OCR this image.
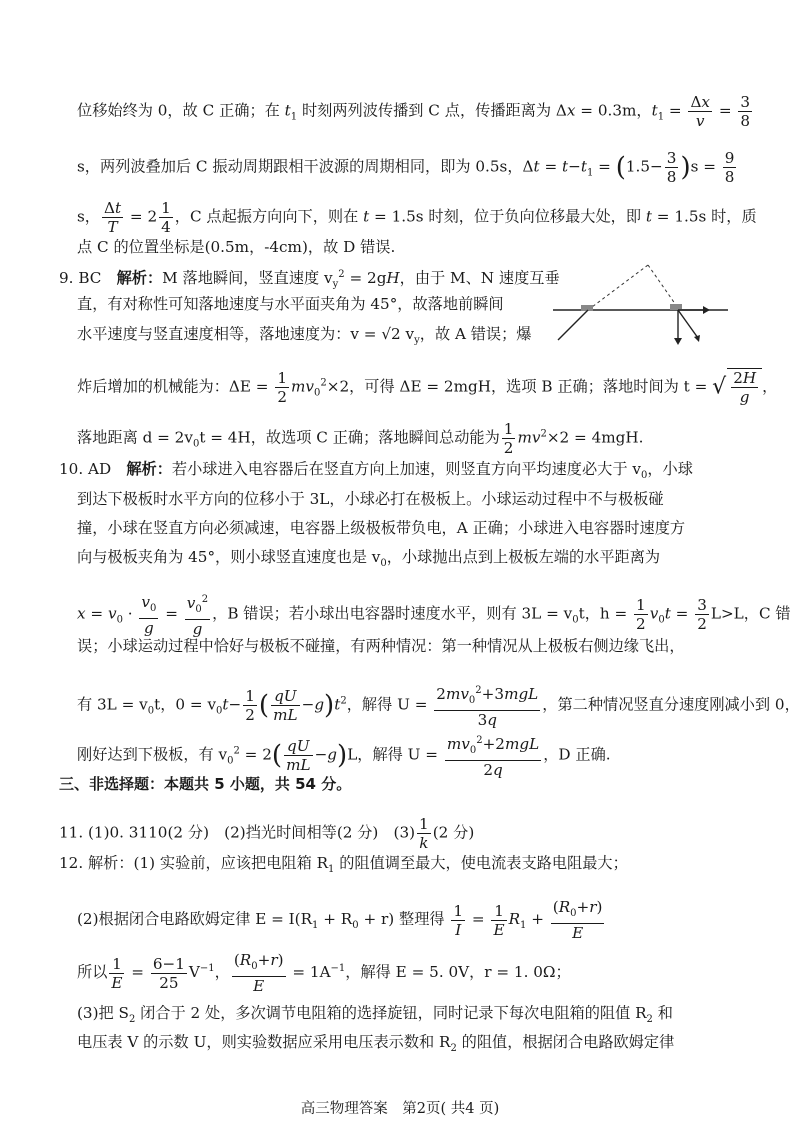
位移始终为 0，故 C 正确；在 $t_1$ 时刻两列波传播到 C 点，传播距离为 Δx = 0.3m，$t_1 = \frac{\Delta x}{v} = \frac{3}{8}$
s，两列波叠加后 C 振动周期跟相干波源的周期相同，即为 0.5s，$\Delta t = t-t_1 = (1.5- \frac{3}{8} )s = \frac{9}{8}$
s， $\frac{\Delta t}{T} = 2 \frac{1}{4}$ ，C 点起振方向向下，则在 t = 1.5s 时刻，位于负向位移最大处，即 t = 1.5s 时，质
点 C 的位置坐标是(0.5m，-4cm)，故 D 错误.
9. BC　 解析：M 落地瞬间，竖直速度 $v_y^2 = 2gH$，由于 M、N 速度互垂
直，有对称性可知落地速度与水平面夹角为 45°，故落地前瞬间
水平速度与竖直速度相等，落地速度为：v = √2 $v_y$，故 A 错误；爆
炸后增加的机械能为：$\Delta E = \frac{1}{2} mv_0^2\times 2$，可得 ΔE = 2mgH，选项 B 正确；落地时间为 t = √ $\frac{2H}{g}$ ，
落地距离 $d = 2v_0t = 4H$，故选项 C 正确；落地瞬间总动能为 $\frac{1}{2} mv^2\times 2 = 4mgH$.
10. AD　 解析：若小球进入电容器后在竖直方向上加速，则竖直方向平均速度必大于 $v_0$，小球
到达下极板时水平方向的位移小于 3L，小球必打在极板上。小球运动过程中不与极板碰
撞，小球在竖直方向必须减速，电容器上级极板带负电，A 正确；小球进入电容器时速度方
向与极板夹角为 45°，则小球竖直速度也是 $v_0$，小球抛出点到上极板左端的水平距离为
$x = v_0 \cdot \frac{v_0}{g} = \frac{v_0^2}{g}$ ，B 错误；若小球出电容器时速度水平，则有 $3L = v_0t$，$h = \frac{1}{2} v_0t = \frac{3}{2} L>L$，C 错
误；小球运动过程中恰好与极板不碰撞，有两种情况：第一种情况从上极板右侧边缘飞出，
有 $3L = v_0t$，$0 = v_0t- \frac{1}{2}$ ( $\frac{qU}{mL} -g)t^2$，解得 $U = \frac{2mv_0^2+3mgL}{3q}$ ，第二种情况竖直分速度刚减小到 0，
刚好达到下极板，有 $v_0^2 = 2( \frac{qU}{mL} -g)L$，解得 $U = \frac{mv_0^2+2mgL}{2q}$ ，D 正确.
三、非选择题：本题共 5 小题，共 54 分。
11. (1)0. 3110(2 分)　(2)挡光时间相等(2 分)　$(3) \frac{1}{k} (2$ 分)
12. 解析：(1) 实验前，应该把电阻箱 $R_1$ 的阻值调至最大，使电流表支路电阻最大；
(2)根据闭合电路欧姆定律 $E = I(R_1 + R_0 + r)$ 整理得 $\frac{1}{I} = \frac{1}{E} R_1 + \frac{(R_0+r)}{E}$
所以 $\frac{1}{E} = \frac{6-1}{25} V^{-1}$， $\frac{(R_0+r)}{E} = 1A^{-1}$，解得 E = 5. 0V，r = 1. 0Ω；
(3)把 $S_2$ 闭合于 2 处，多次调节电阻箱的选择旋钮，同时记录下每次电阻箱的阻值 $R_2$ 和
电压表 V 的示数 U，则实验数据应采用电压表示数和 $R_2$ 的阻值，根据闭合电路欧姆定律
高三物理答案　第2页( 共4 页)
